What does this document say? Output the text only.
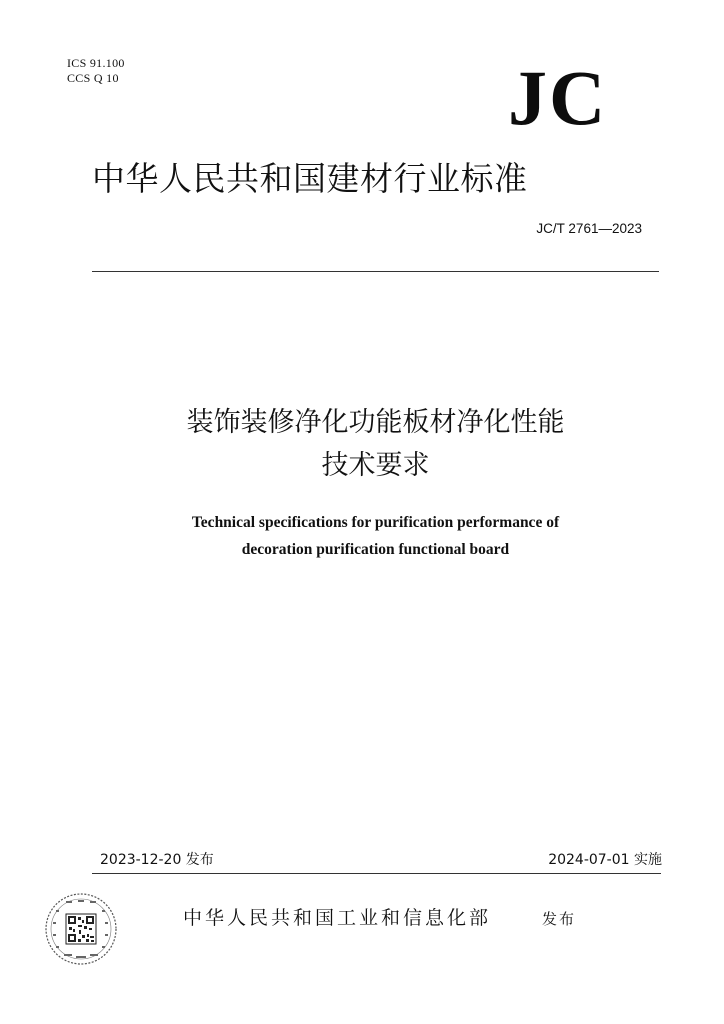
ICS 91.100
CCS Q 10	JC
中华人民共和国建材行业标准
JC/T 2761—2023
装饰装修净化功能板材净化性能
技术要求
Technical specifications for purification performance of
decoration purification functional board
2023-12-20 发布	2024-07-01 实施
中华人民共和国工业和信息化部	发布
